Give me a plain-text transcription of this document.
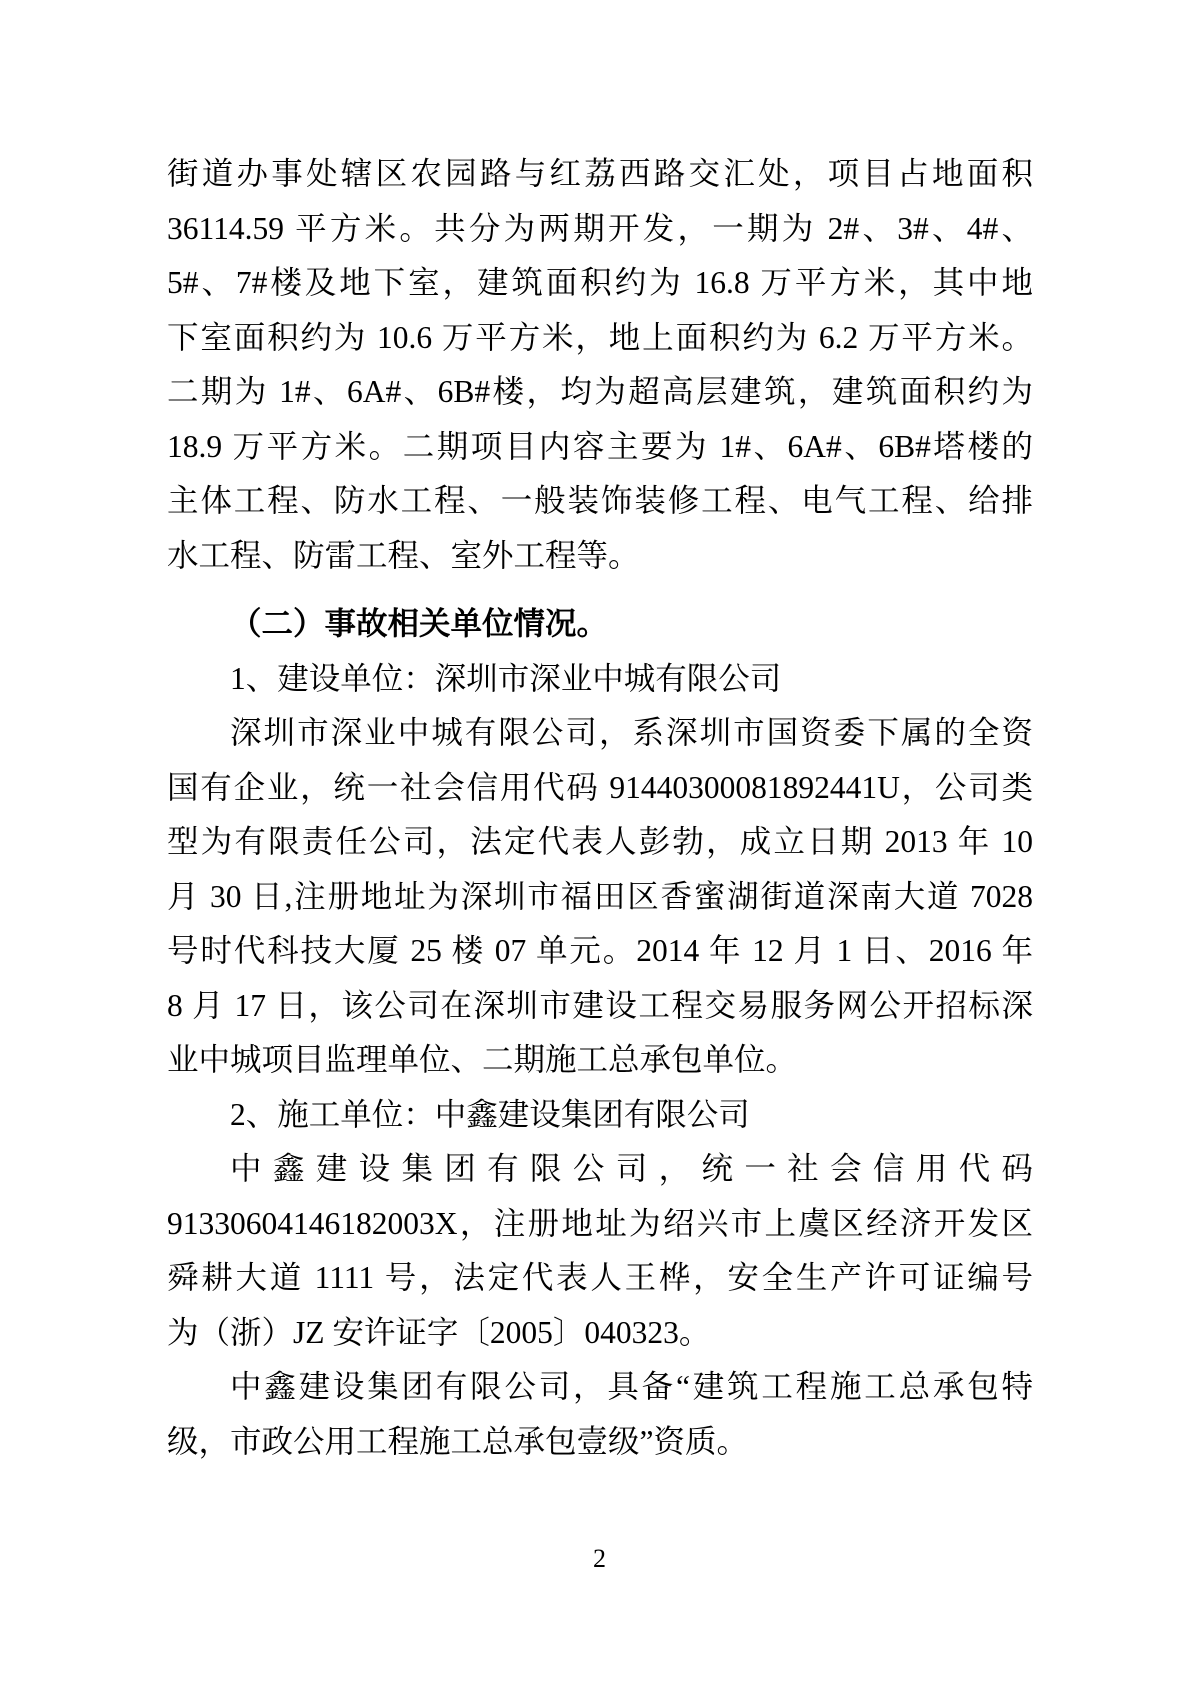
街道办事处辖区农园路与红荔西路交汇处，项目占地面积
36114.59 平方米。共分为两期开发，一期为 2#、3#、4#、
5#、7#楼及地下室，建筑面积约为 16.8 万平方米，其中地
下室面积约为 10.6 万平方米，地上面积约为 6.2 万平方米。
二期为 1#、6A#、6B#楼，均为超高层建筑，建筑面积约为
18.9 万平方米。二期项目内容主要为 1#、6A#、6B#塔楼的
主体工程、防水工程、一般装饰装修工程、电气工程、给排
水工程、防雷工程、室外工程等。
（二）事故相关单位情况。
1、建设单位：深圳市深业中城有限公司
深圳市深业中城有限公司，系深圳市国资委下属的全资
国有企业，统一社会信用代码 91440300081892441U，公司类
型为有限责任公司，法定代表人彭勃，成立日期 2013 年 10
月 30 日,注册地址为深圳市福田区香蜜湖街道深南大道 7028
号时代科技大厦 25 楼 07 单元。2014 年 12 月 1 日、2016 年
8 月 17 日，该公司在深圳市建设工程交易服务网公开招标深
业中城项目监理单位、二期施工总承包单位。
2、施工单位：中鑫建设集团有限公司
中鑫建设集团有限公司，统一社会信用代码
91330604146182003X，注册地址为绍兴市上虞区经济开发区
舜耕大道 1111 号，法定代表人王桦，安全生产许可证编号
为（浙）JZ 安许证字〔2005〕040323。
中鑫建设集团有限公司，具备“建筑工程施工总承包特
级，市政公用工程施工总承包壹级”资质。
2
